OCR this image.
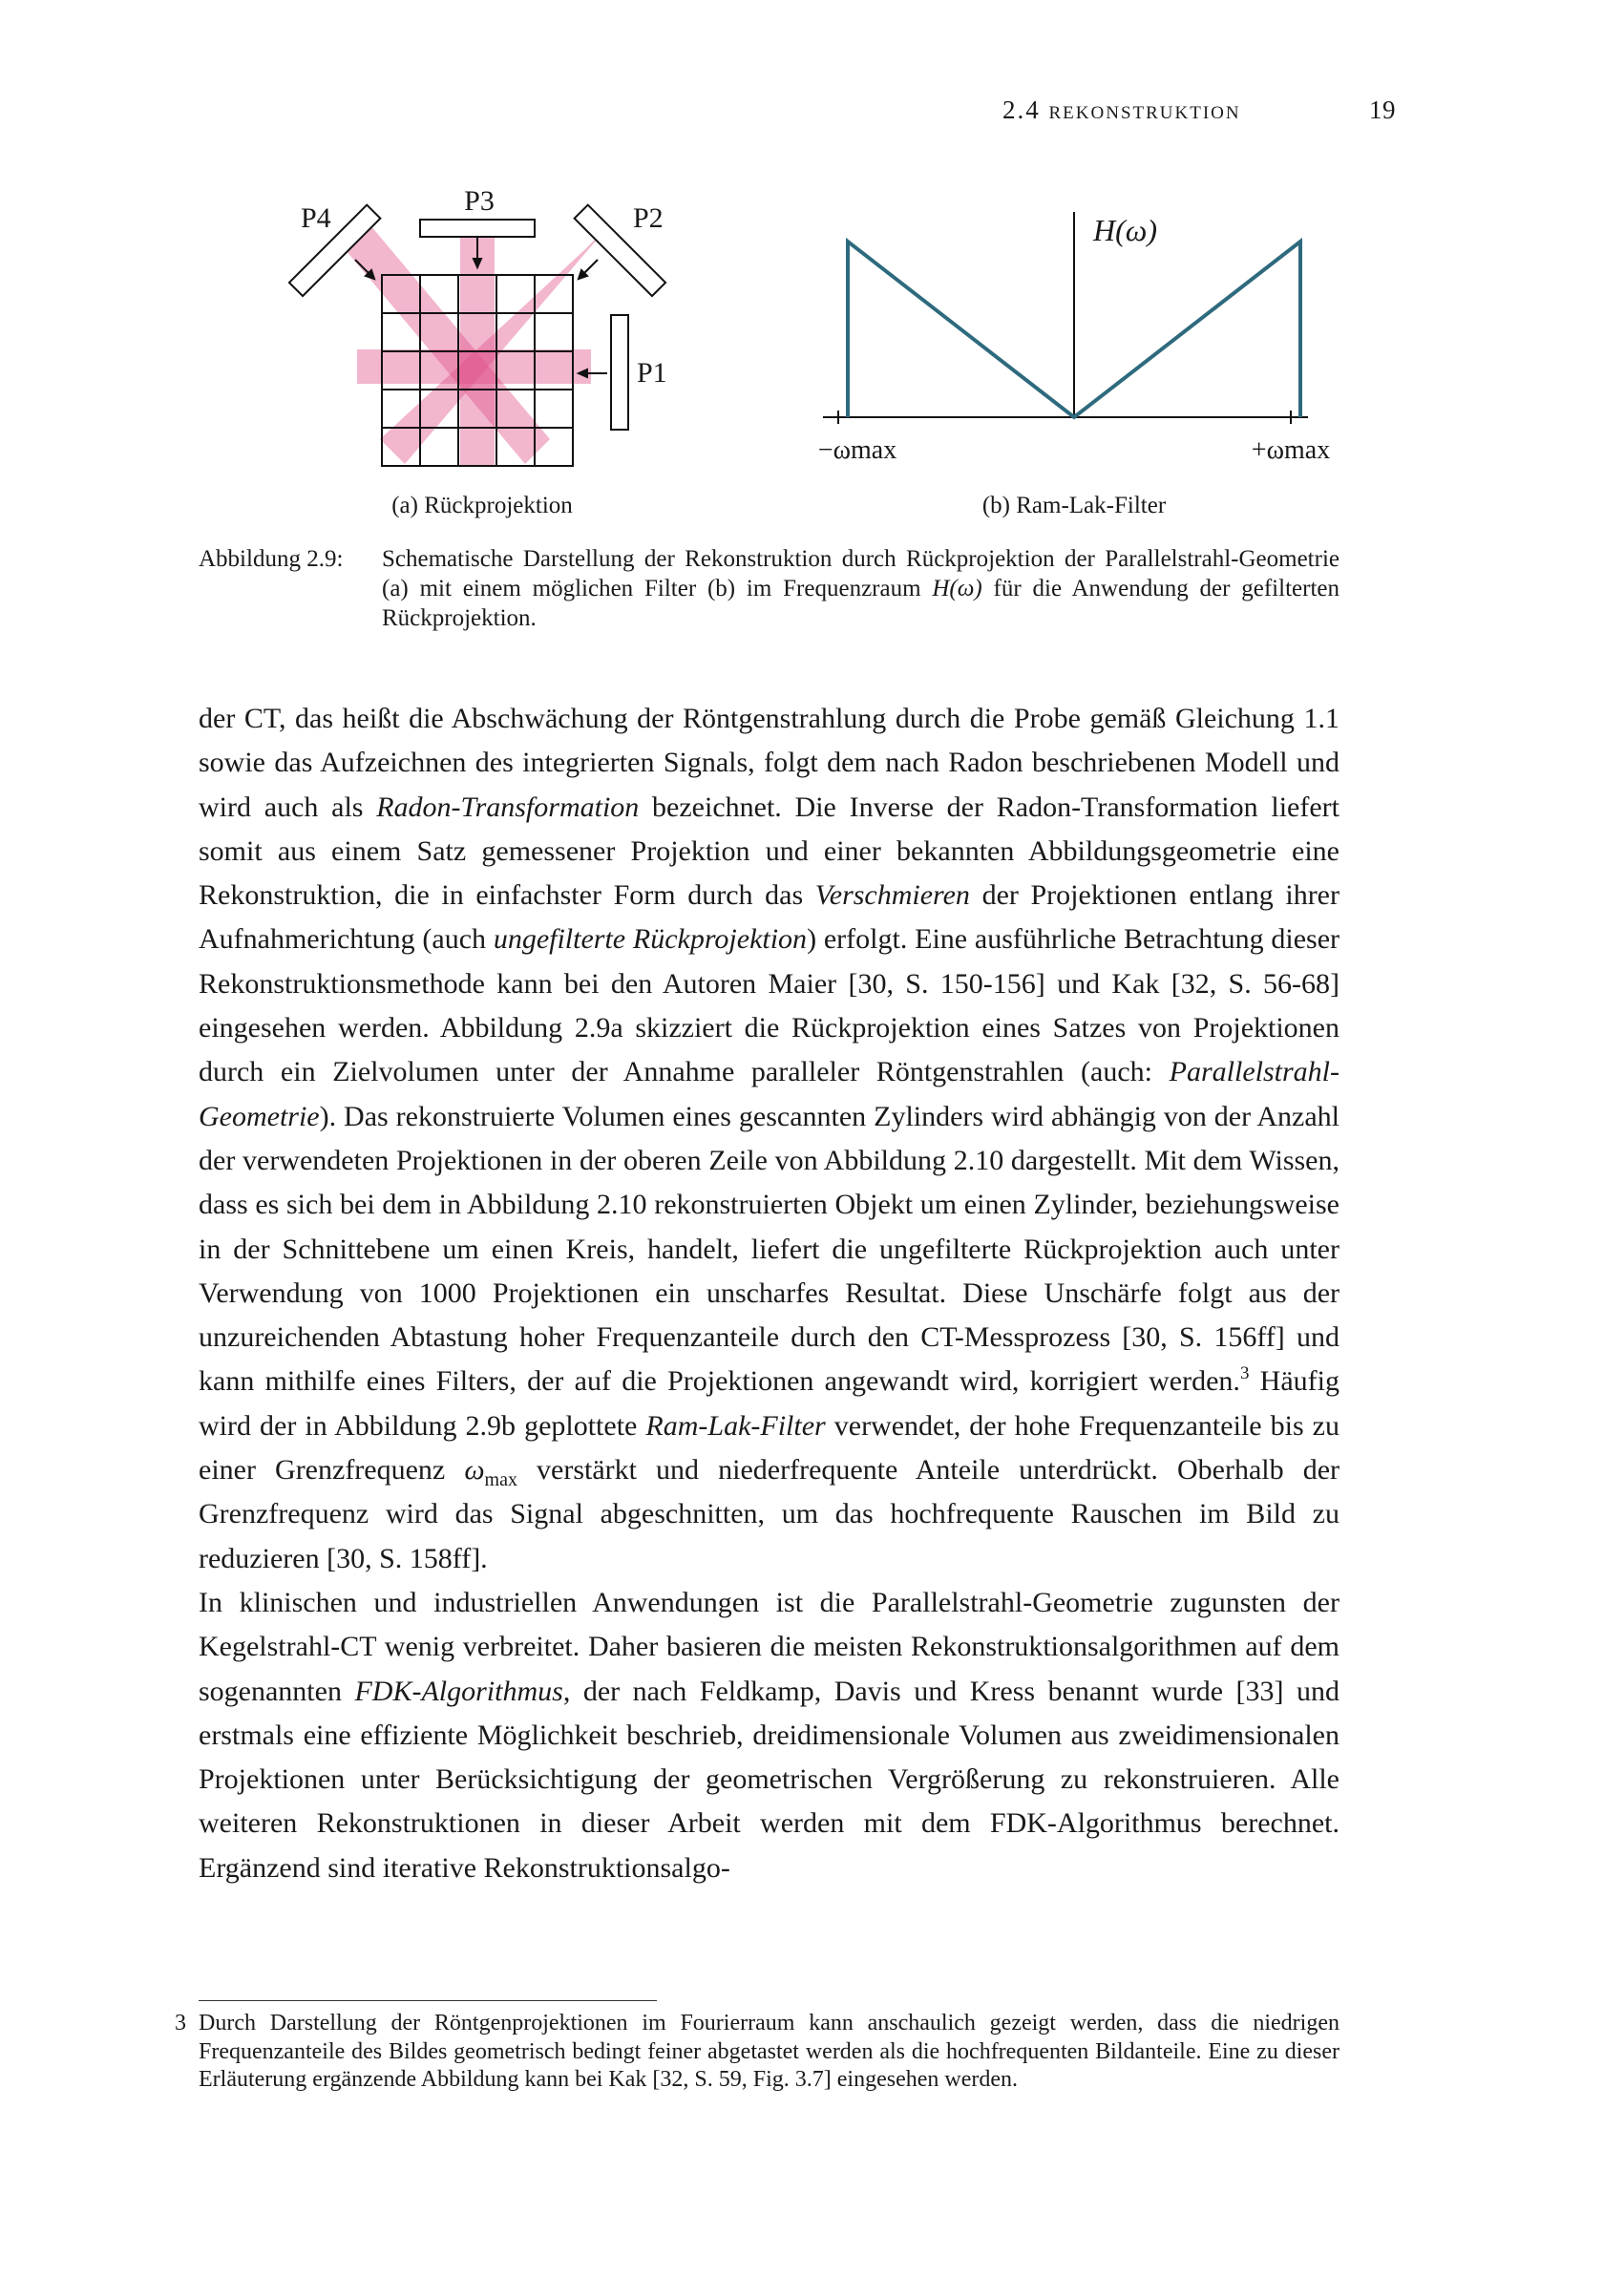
2.4 rekonstruktion	19
P4
P3
P2
P1
(a) Rückprojektion
H(ω)
−ωmax	+ωmax
(b) Ram-Lak-Filter
Abbildung 2.9: Schematische Darstellung der Rekonstruktion durch Rückprojektion der Parallelstrahl-Geometrie (a) mit einem möglichen Filter (b) im Frequenzraum H(ω) für die Anwendung der gefilterten Rückprojektion.

der CT, das heißt die Abschwächung der Röntgenstrahlung durch die Probe gemäß Gleichung 1.1 sowie das Aufzeichnen des integrierten Signals, folgt dem nach Radon beschriebenen Modell und wird auch als Radon-Transformation bezeichnet. Die Inverse der Radon-Transformation liefert somit aus einem Satz gemessener Projektion und einer bekannten Abbildungsgeometrie eine Rekonstruktion, die in einfachster Form durch das Verschmieren der Projektionen entlang ihrer Aufnahmerichtung (auch ungefilterte Rückprojektion) erfolgt. Eine ausführliche Betrachtung dieser Rekonstruktionsmethode kann bei den Autoren Maier [30, S. 150-156] und Kak [32, S. 56-68] eingesehen werden. Abbildung 2.9a skizziert die Rückprojektion eines Satzes von Projektionen durch ein Zielvolumen unter der Annahme paralleler Röntgenstrahlen (auch: Parallelstrahl-Geometrie). Das rekonstruierte Volumen eines gescannten Zylinders wird abhängig von der Anzahl der verwendeten Projektionen in der oberen Zeile von Abbildung 2.10 dargestellt. Mit dem Wissen, dass es sich bei dem in Abbildung 2.10 rekonstruierten Objekt um einen Zylinder, beziehungsweise in der Schnittebene um einen Kreis, handelt, liefert die ungefilterte Rückprojektion auch unter Verwendung von 1000 Projektionen ein unscharfes Resultat. Diese Unschärfe folgt aus der unzureichenden Abtastung hoher Frequenzanteile durch den CT-Messprozess [30, S. 156ff] und kann mithilfe eines Filters, der auf die Projektionen angewandt wird, korrigiert werden.$^3$ Häufig wird der in Abbildung 2.9b geplottete Ram-Lak-Filter verwendet, der hohe Frequenzanteile bis zu einer Grenzfrequenz $\omega_{max}$ verstärkt und niederfrequente Anteile unterdrückt. Oberhalb der Grenzfrequenz wird das Signal abgeschnitten, um das hochfrequente Rauschen im Bild zu reduzieren [30, S. 158ff].

In klinischen und industriellen Anwendungen ist die Parallelstrahl-Geometrie zugunsten der Kegelstrahl-CT wenig verbreitet. Daher basieren die meisten Rekonstruktionsalgorithmen auf dem sogenannten FDK-Algorithmus, der nach Feldkamp, Davis und Kress benannt wurde [33] und erstmals eine effiziente Möglichkeit beschrieb, dreidimensionale Volumen aus zweidimensionalen Projektionen unter Berücksichtigung der geometrischen Vergrößerung zu rekonstruieren. Alle weiteren Rekonstruktionen in dieser Arbeit werden mit dem FDK-Algorithmus berechnet. Ergänzend sind iterative Rekonstruktionsalgo-

3 Durch Darstellung der Röntgenprojektionen im Fourierraum kann anschaulich gezeigt werden, dass die niedrigen Frequenzanteile des Bildes geometrisch bedingt feiner abgetastet werden als die hochfrequenten Bildanteile. Eine zu dieser Erläuterung ergänzende Abbildung kann bei Kak [32, S. 59, Fig. 3.7] eingesehen werden.
